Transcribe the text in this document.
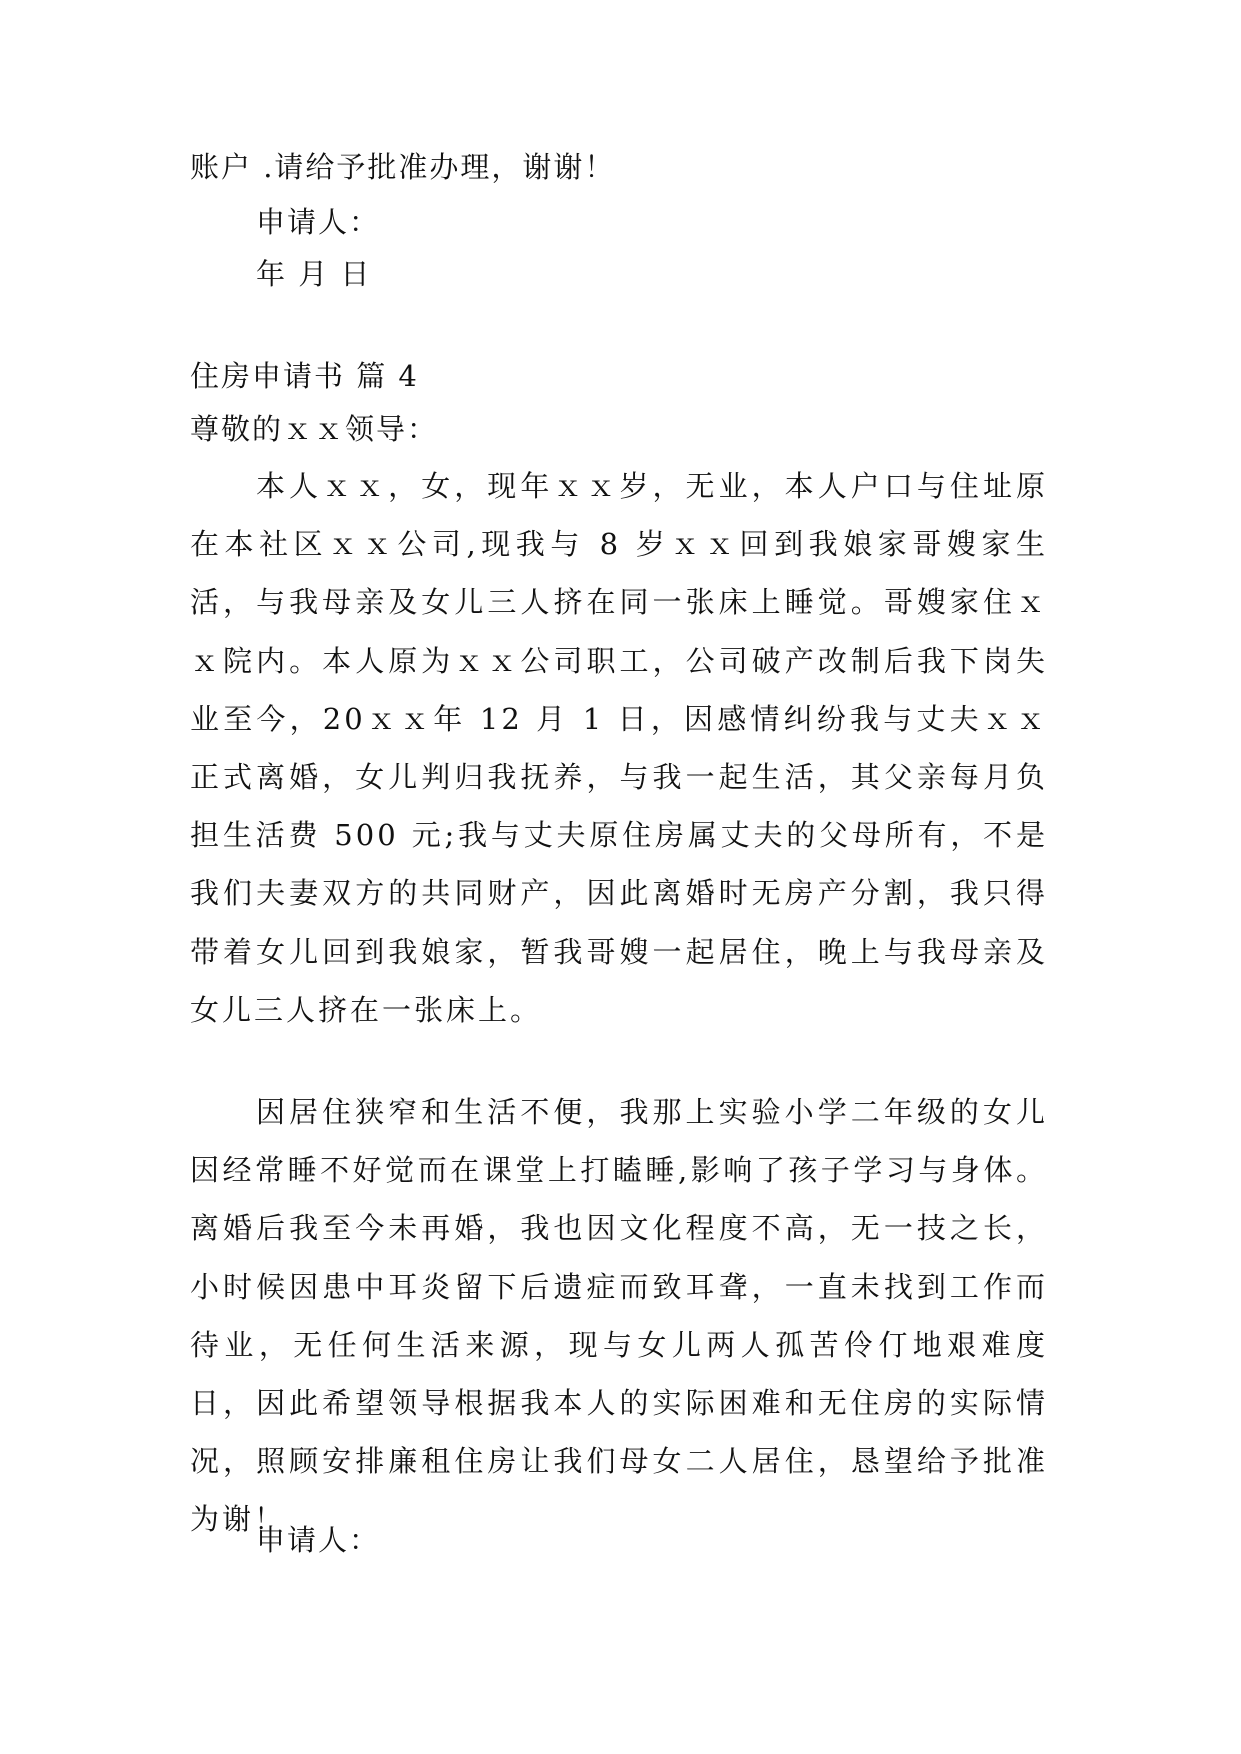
账户 .请给予批准办理，谢谢！
申请人：
年 月 日
住房申请书 篇 4
尊敬的ｘｘ领导：

本人ｘｘ，女，现年ｘｘ岁，无业，本人户口与住址原在本社区ｘｘ公司,现我与 8 岁ｘｘ回到我娘家哥嫂家生活，与我母亲及女儿三人挤在同一张床上睡觉。哥嫂家住ｘｘ院内。本人原为ｘｘ公司职工，公司破产改制后我下岗失业至今，20ｘｘ年 12 月 1 日，因感情纠纷我与丈夫ｘｘ正式离婚，女儿判归我抚养，与我一起生活，其父亲每月负担生活费 500 元;我与丈夫原住房属丈夫的父母所有，不是我们夫妻双方的共同财产，因此离婚时无房产分割，我只得带着女儿回到我娘家，暂我哥嫂一起居住，晚上与我母亲及女儿三人挤在一张床上。

因居住狭窄和生活不便，我那上实验小学二年级的女儿因经常睡不好觉而在课堂上打瞌睡,影响了孩子学习与身体。离婚后我至今未再婚，我也因文化程度不高，无一技之长，小时候因患中耳炎留下后遗症而致耳聋，一直未找到工作而待业，无任何生活来源，现与女儿两人孤苦伶仃地艰难度日，因此希望领导根据我本人的实际困难和无住房的实际情况，照顾安排廉租住房让我们母女二人居住，恳望给予批准为谢！

申请人：
